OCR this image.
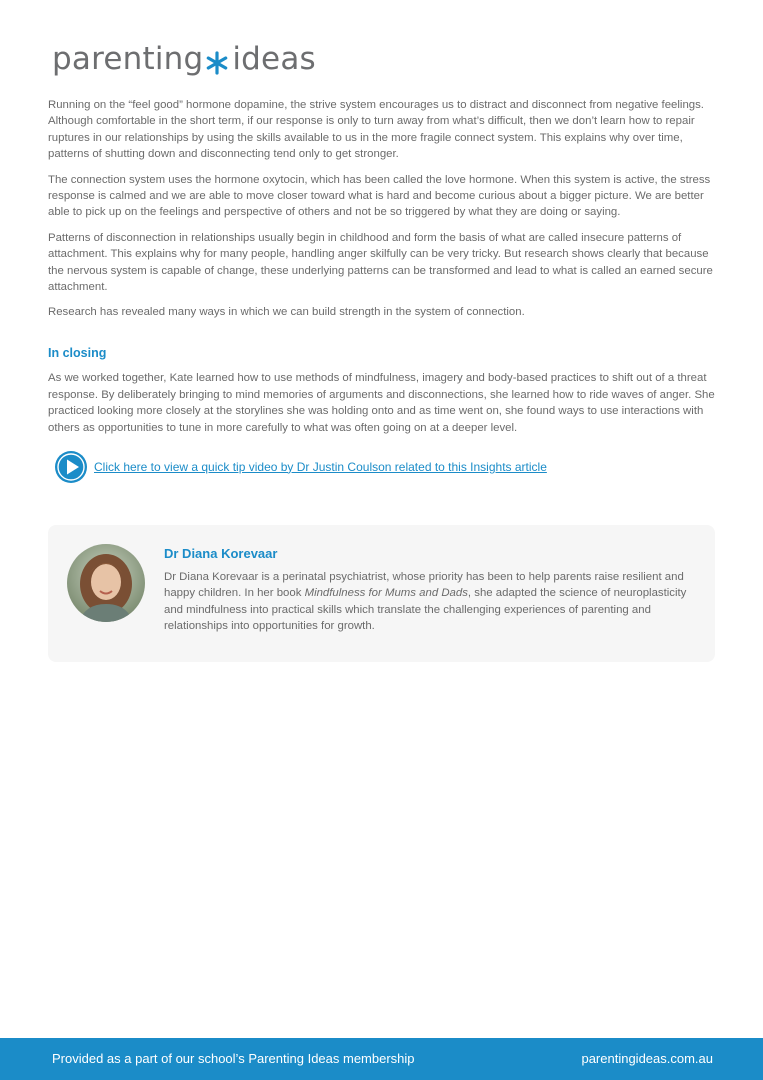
parenting ideas

Running on the “feel good” hormone dopamine, the strive system encourages us to distract and disconnect from negative feelings. Although comfortable in the short term, if our response is only to turn away from what’s difficult, then we don’t learn how to repair ruptures in our relationships by using the skills available to us in the more fragile connect system. This explains why over time, patterns of shutting down and disconnecting tend only to get stronger.

The connection system uses the hormone oxytocin, which has been called the love hormone. When this system is active, the stress response is calmed and we are able to move closer toward what is hard and become curious about a bigger picture. We are better able to pick up on the feelings and perspective of others and not be so triggered by what they are doing or saying.

Patterns of disconnection in relationships usually begin in childhood and form the basis of what are called insecure patterns of attachment. This explains why for many people, handling anger skilfully can be very tricky. But research shows clearly that because the nervous system is capable of change, these underlying patterns can be transformed and lead to what is called an earned secure attachment.

Research has revealed many ways in which we can build strength in the system of connection.

In closing

As we worked together, Kate learned how to use methods of mindfulness, imagery and body-based practices to shift out of a threat response. By deliberately bringing to mind memories of arguments and disconnections, she learned how to ride waves of anger. She practiced looking more closely at the storylines she was holding onto and as time went on, she found ways to use interactions with others as opportunities to tune in more carefully to what was often going on at a deeper level.

Click here to view a quick tip video by Dr Justin Coulson related to this Insights article
Dr Diana Korevaar
Dr Diana Korevaar is a perinatal psychiatrist, whose priority has been to help parents raise resilient and happy children. In her book Mindfulness for Mums and Dads, she adapted the science of neuroplasticity and mindfulness into practical skills which translate the challenging experiences of parenting and relationships into opportunities for growth.
Provided as a part of our school’s Parenting Ideas membership	parentingideas.com.au
